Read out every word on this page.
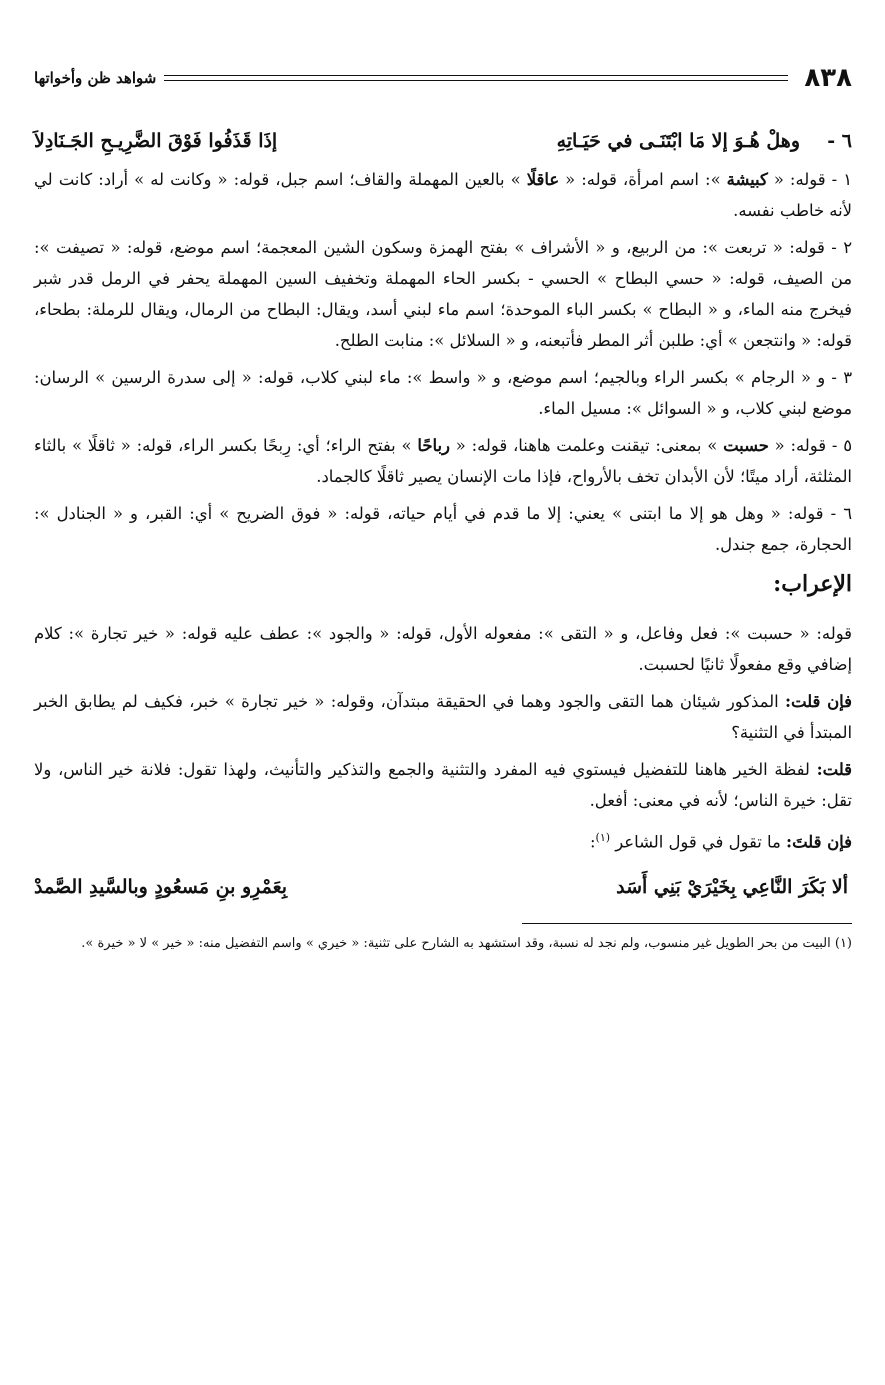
٨٣٨
شواهد ظن وأخواتها
٦ -
وهلْ هُـوَ إلا مَا ابْتَنَـى في حَيَـاتِهِ
إذَا قَذَفُوا فَوْقَ الضَّرِيـحِ الجَـنَادِلاَ

١ - قوله: « كبيشة »: اسم امرأة، قوله: « عاقلًا » بالعين المهملة والقاف؛ اسم جبل، قوله: « وكانت له » أراد: كانت لي لأنه خاطب نفسه.

٢ - قوله: « تربعت »: من الربيع، و « الأشراف » بفتح الهمزة وسكون الشين المعجمة؛ اسم موضع، قوله: « تصيفت »: من الصيف، قوله: « حسي البطاح » الحسي - بكسر الحاء المهملة وتخفيف السين المهملة يحفر في الرمل قدر شبر فيخرج منه الماء، و « البطاح » بكسر الباء الموحدة؛ اسم ماء لبني أسد، ويقال: البطاح من الرمال، ويقال للرملة: بطحاء، قوله: « وانتجعن » أي: طلبن أثر المطر فأتبعنه، و « السلائل »: منابت الطلح.

٣ - و « الرجام » بكسر الراء وبالجيم؛ اسم موضع، و « واسط »: ماء لبني كلاب، قوله: « إلى سدرة الرسين » الرسان: موضع لبني كلاب، و « السوائل »: مسيل الماء.

٥ - قوله: « حسبت » بمعنى: تيقنت وعلمت هاهنا، قوله: « رباحًا » بفتح الراء؛ أي: رِبحًا بكسر الراء، قوله: « ثاقلًا » بالثاء المثلثة، أراد ميتًا؛ لأن الأبدان تخف بالأرواح، فإذا مات الإنسان يصير ثاقلًا كالجماد.

٦ - قوله: « وهل هو إلا ما ابتنى » يعني: إلا ما قدم في أيام حياته، قوله: « فوق الضريح » أي: القبر، و « الجنادل »: الحجارة، جمع جندل.

الإعراب:

قوله: « حسبت »: فعل وفاعل، و « التقى »: مفعوله الأول، قوله: « والجود »: عطف عليه قوله: « خير تجارة »: كلام إضافي وقع مفعولًا ثانيًا لحسبت.

فإن قلت: المذكور شيئان هما التقى والجود وهما في الحقيقة مبتدآن، وقوله: « خير تجارة » خبر، فكيف لم يطابق الخبر المبتدأ في التثنية؟

قلت: لفظة الخير هاهنا للتفضيل فيستوي فيه المفرد والتثنية والجمع والتذكير والتأنيث، ولهذا تقول: فلانة خير الناس، ولا تقل: خيرة الناس؛ لأنه في معنى: أفعل.

فإن قلتَ: ما تقول في قول الشاعر $^{(١)}$:

ألا بَكَرَ النَّاعِي بِخَيْرَيْ بَنِي أَسَد
بِعَمْرِو بنِ مَسعُودٍ وبالسَّيدِ الصَّمدْ

(١) البيت من بحر الطويل غير منسوب، ولم نجد له نسبة، وقد استشهد به الشارح على تثنية: « خيري » واسم التفضيل منه: « خير » لا « خيرة ».
